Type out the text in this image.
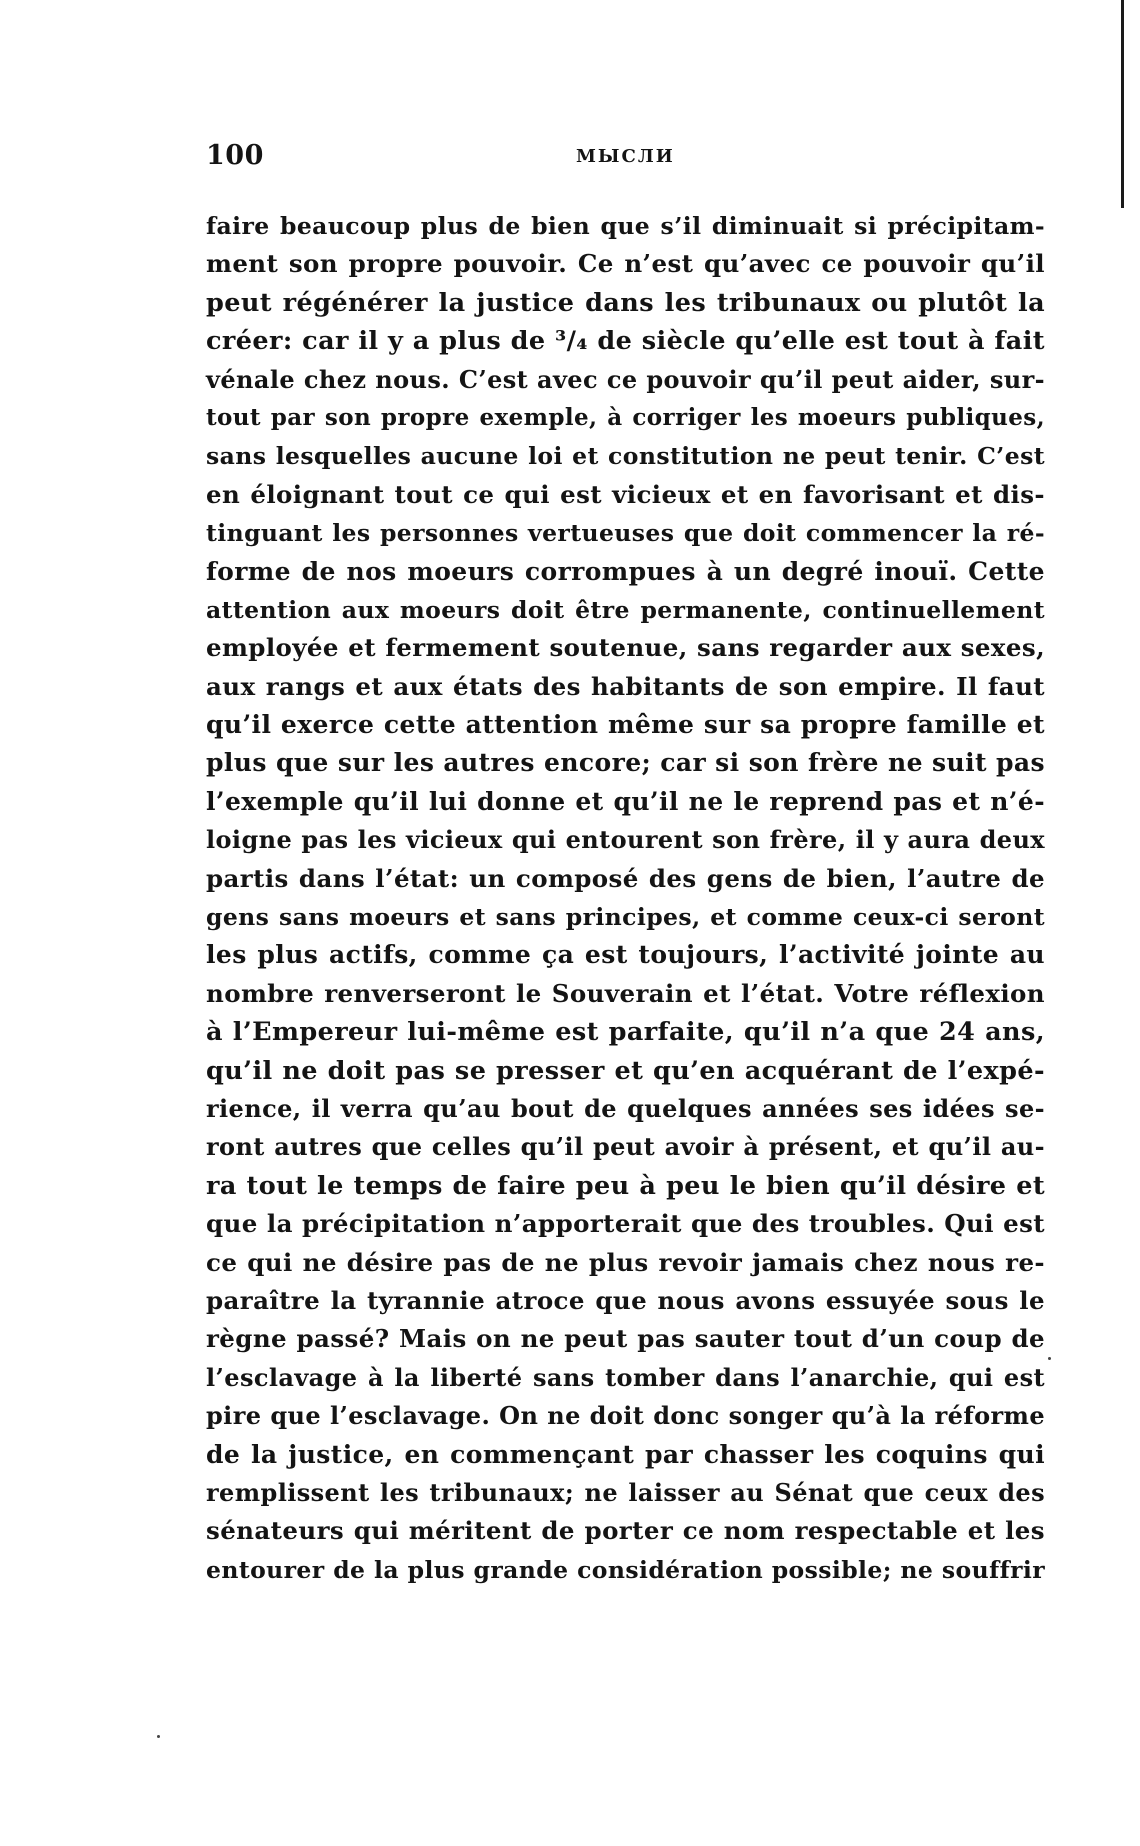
100	МЫСЛИ
faire beaucoup plus de bien que s’il diminuait si précipitam-
ment son propre pouvoir. Ce n’est qu’avec ce pouvoir qu’il
peut régénérer la justice dans les tribunaux ou plutôt la
créer: car il y a plus de ³/₄ de siècle qu’elle est tout à fait
vénale chez nous. C’est avec ce pouvoir qu’il peut aider, sur-
tout par son propre exemple, à corriger les moeurs publiques,
sans lesquelles aucune loi et constitution ne peut tenir. C’est
en éloignant tout ce qui est vicieux et en favorisant et dis-
tinguant les personnes vertueuses que doit commencer la ré-
forme de nos moeurs corrompues à un degré inouï. Cette
attention aux moeurs doit être permanente, continuellement
employée et fermement soutenue, sans regarder aux sexes,
aux rangs et aux états des habitants de son empire. Il faut
qu’il exerce cette attention même sur sa propre famille et
plus que sur les autres encore; car si son frère ne suit pas
l’exemple qu’il lui donne et qu’il ne le reprend pas et n’é-
loigne pas les vicieux qui entourent son frère, il y aura deux
partis dans l’état: un composé des gens de bien, l’autre de
gens sans moeurs et sans principes, et comme ceux-ci seront
les plus actifs, comme ça est toujours, l’activité jointe au
nombre renverseront le Souverain et l’état. Votre réflexion
à l’Empereur lui-même est parfaite, qu’il n’a que 24 ans,
qu’il ne doit pas se presser et qu’en acquérant de l’expé-
rience, il verra qu’au bout de quelques années ses idées se-
ront autres que celles qu’il peut avoir à présent, et qu’il au-
ra tout le temps de faire peu à peu le bien qu’il désire et
que la précipitation n’apporterait que des troubles. Qui est
ce qui ne désire pas de ne plus revoir jamais chez nous re-
paraître la tyrannie atroce que nous avons essuyée sous le
règne passé? Mais on ne peut pas sauter tout d’un coup de
l’esclavage à la liberté sans tomber dans l’anarchie, qui est
pire que l’esclavage. On ne doit donc songer qu’à la réforme
de la justice, en commençant par chasser les coquins qui
remplissent les tribunaux; ne laisser au Sénat que ceux des
sénateurs qui méritent de porter ce nom respectable et les
entourer de la plus grande considération possible; ne souffrir
